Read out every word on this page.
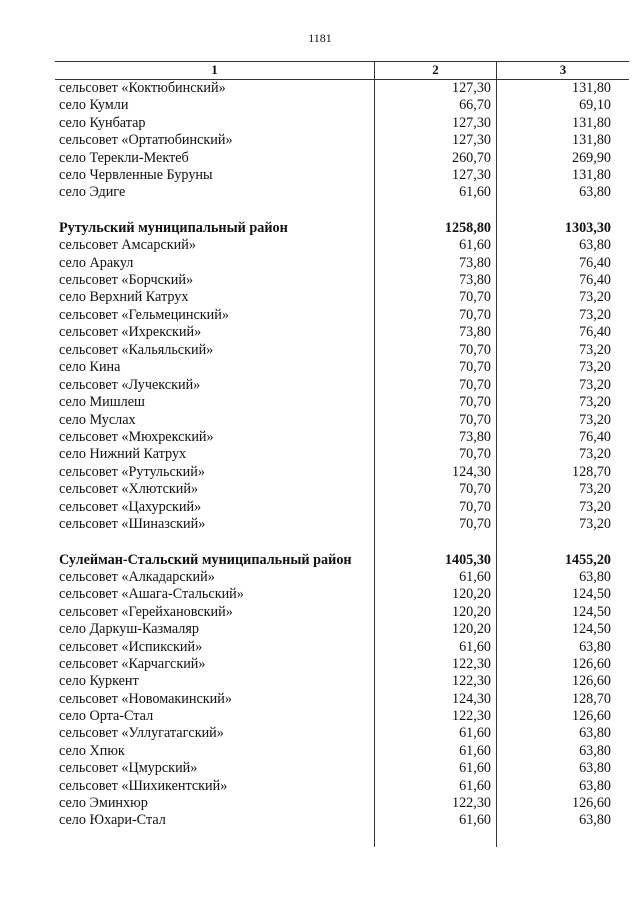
1181
1	2	3
сельсовет «Коктюбинский»	127,30	131,80
село Кумли	66,70	69,10
село Кунбатар	127,30	131,80
сельсовет «Ортатюбинский»	127,30	131,80
село Терекли-Мектеб	260,70	269,90
село Червленные Буруны	127,30	131,80
село Эдиге	61,60	63,80
Рутульский муниципальный район	1258,80	1303,30
сельсовет Амсарский»	61,60	63,80
село Аракул	73,80	76,40
сельсовет «Борчский»	73,80	76,40
село Верхний Катрух	70,70	73,20
сельсовет «Гельмецинский»	70,70	73,20
сельсовет «Ихрекский»	73,80	76,40
сельсовет «Кальяльский»	70,70	73,20
село Кина	70,70	73,20
сельсовет «Лучекский»	70,70	73,20
село Мишлеш	70,70	73,20
село Муслах	70,70	73,20
сельсовет «Мюхрекский»	73,80	76,40
село Нижний Катрух	70,70	73,20
сельсовет «Рутульский»	124,30	128,70
сельсовет «Хлютский»	70,70	73,20
сельсовет «Цахурский»	70,70	73,20
сельсовет «Шиназский»	70,70	73,20
Сулейман-Стальский муниципальный район	1405,30	1455,20
сельсовет «Алкадарский»	61,60	63,80
сельсовет «Ашага-Стальский»	120,20	124,50
сельсовет «Герейхановский»	120,20	124,50
село Даркуш-Казмаляр	120,20	124,50
сельсовет «Испикский»	61,60	63,80
сельсовет «Карчагский»	122,30	126,60
село Куркент	122,30	126,60
сельсовет «Новомакинский»	124,30	128,70
село Орта-Стал	122,30	126,60
сельсовет «Уллугатагский»	61,60	63,80
село Хпюк	61,60	63,80
сельсовет «Цмурский»	61,60	63,80
сельсовет «Шихикентский»	61,60	63,80
село Эминхюр	122,30	126,60
село Юхари-Стал	61,60	63,80
